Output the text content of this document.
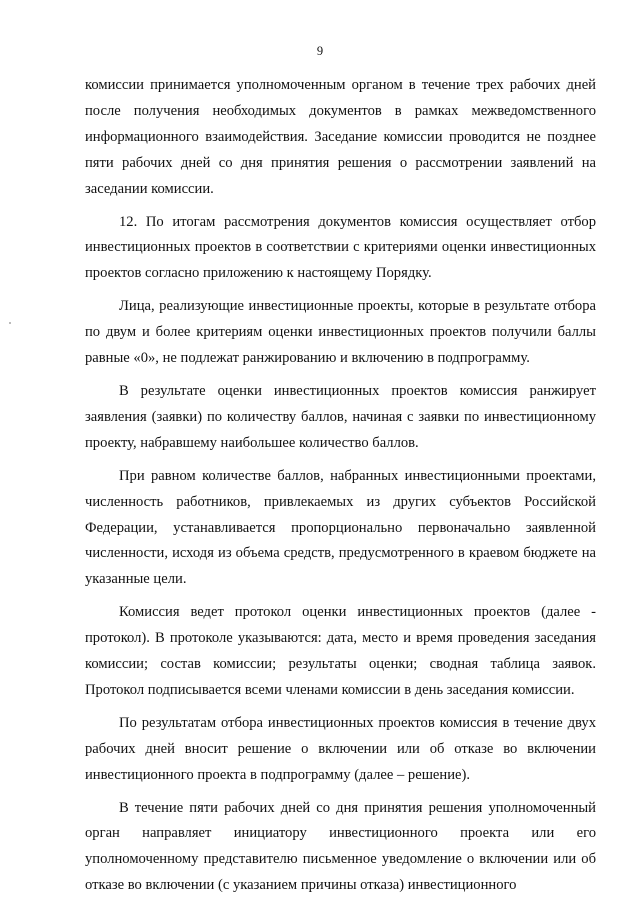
9

комиссии принимается уполномоченным органом в течение трех рабочих дней после получения необходимых документов в рамках межведомственного информационного взаимодействия. Заседание комиссии проводится не позднее пяти рабочих дней со дня принятия решения о рассмотрении заявлений на заседании комиссии.

12. По итогам рассмотрения документов комиссия осуществляет отбор инвестиционных проектов в соответствии с критериями оценки инвестиционных проектов согласно приложению к настоящему Порядку.

Лица, реализующие инвестиционные проекты, которые в результате отбора по двум и более критериям оценки инвестиционных проектов получили баллы равные «0», не подлежат ранжированию и включению в подпрограмму.

В результате оценки инвестиционных проектов комиссия ранжирует заявления (заявки) по количеству баллов, начиная с заявки по инвестиционному проекту, набравшему наибольшее количество баллов.

При равном количестве баллов, набранных инвестиционными проектами, численность работников, привлекаемых из других субъектов Российской Федерации, устанавливается пропорционально первоначально заявленной численности, исходя из объема средств, предусмотренного в краевом бюджете на указанные цели.

Комиссия ведет протокол оценки инвестиционных проектов (далее - протокол). В протоколе указываются: дата, место и время проведения заседания комиссии; состав комиссии; результаты оценки; сводная таблица заявок. Протокол подписывается всеми членами комиссии в день заседания комиссии.

По результатам отбора инвестиционных проектов комиссия в течение двух рабочих дней вносит решение о включении или об отказе во включении инвестиционного проекта в подпрограмму (далее – решение).

В течение пяти рабочих дней со дня принятия решения уполномоченный орган направляет инициатору инвестиционного проекта или его уполномоченному представителю письменное уведомление о включении или об отказе во включении (с указанием причины отказа) инвестиционного
